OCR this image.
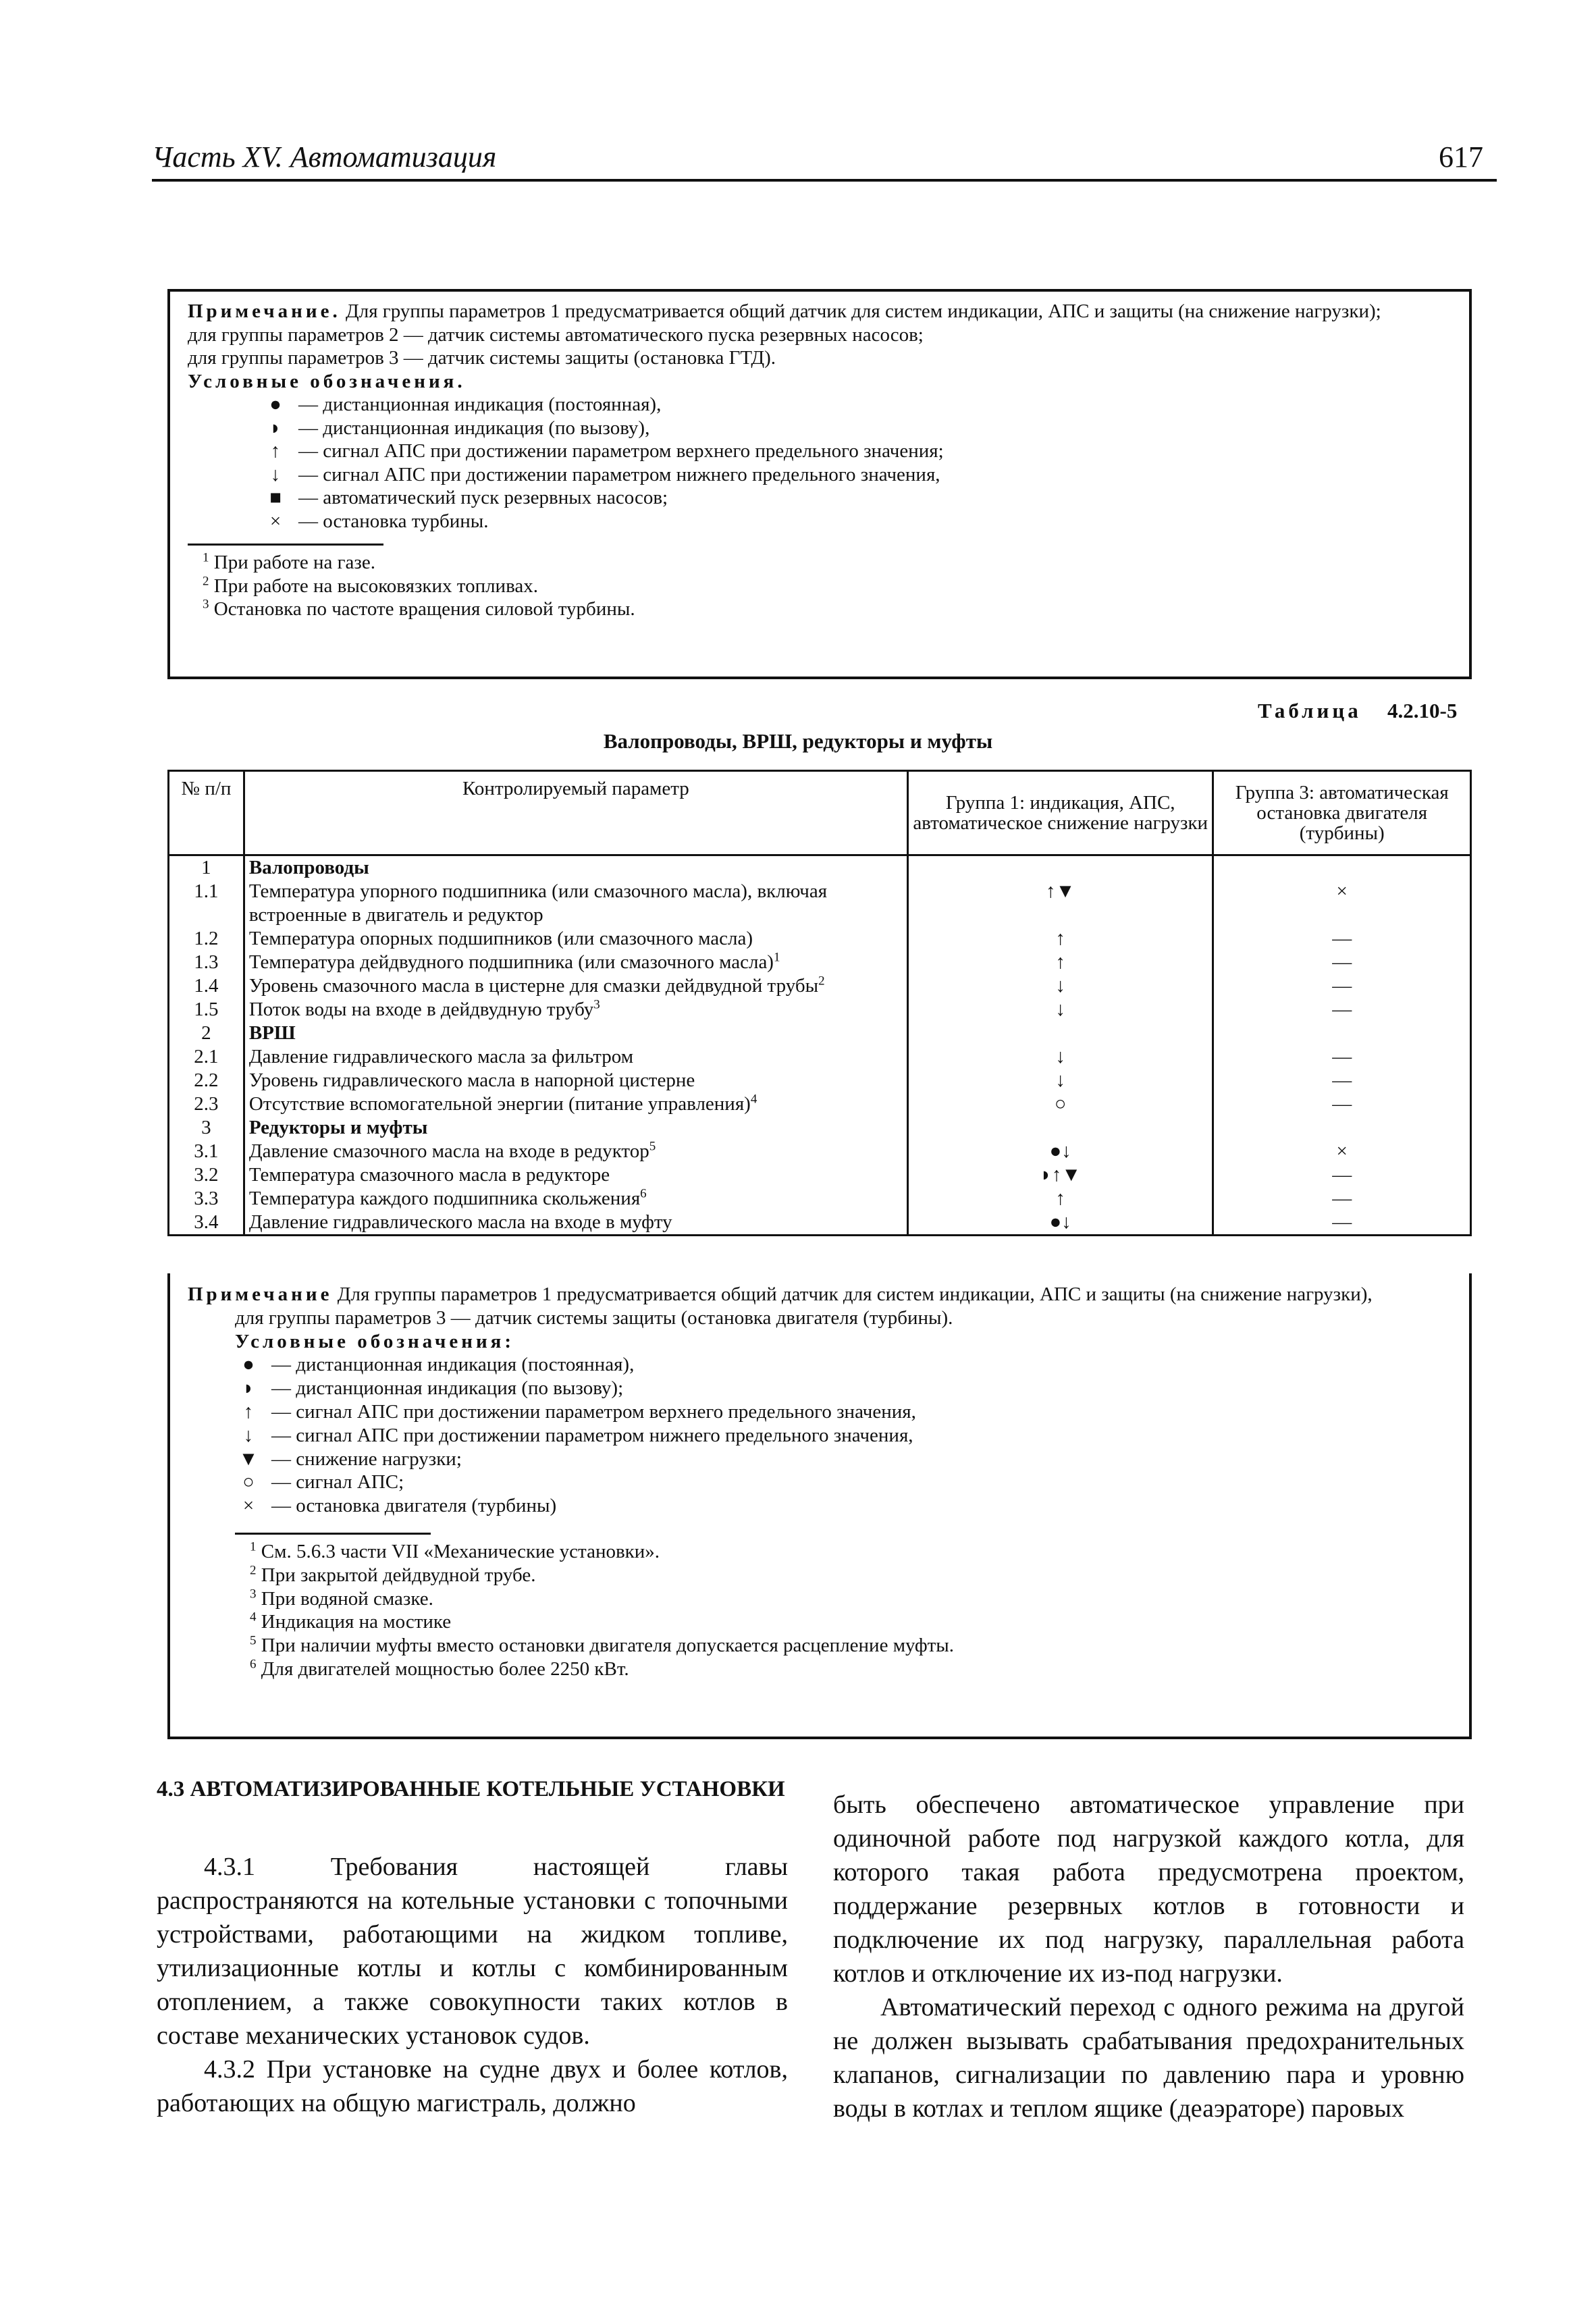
Часть XV. Автоматизация	617

Примечание. Для группы параметров 1 предусматривается общий датчик для систем индикации, АПС и защиты (на снижение нагрузки);

для группы параметров 2 — датчик системы автоматического пуска резервных насосов;

для группы параметров 3 — датчик системы защиты (остановка ГТД).

Условные обозначения.

● — дистанционная индикация (постоянная),
◗ — дистанционная индикация (по вызову),
↑ — сигнал АПС при достижении параметром верхнего предельного значения;
↓ — сигнал АПС при достижении параметром нижнего предельного значения,
■ — автоматический пуск резервных насосов;
× — остановка турбины.
$^1$ При работе на газе.
$^2$ При работе на высоковязких топливах.
$^3$ Остановка по частоте вращения силовой турбины.
Таблица 4.2.10-5
Валопроводы, ВРШ, редукторы и муфты
№ п/п	Контролируемый параметр	Группа 1: индикация, АПС, автоматическое снижение нагрузки	Группа 3: автоматическая остановка двигателя (турбины)
1	Валопроводы		
1.1	Температура упорного подшипника (или смазочного масла), включая встроенные в двигатель и редуктор	↑▼	×
1.2	Температура опорных подшипников (или смазочного масла)	↑	—
1.3	Температура дейдвудного подшипника (или смазочного масла)$^1$	↑	—
1.4	Уровень смазочного масла в цистерне для смазки дейдвудной трубы$^2$	↓	—
1.5	Поток воды на входе в дейдвудную трубу$^3$	↓	—
2	ВРШ		
2.1	Давление гидравлического масла за фильтром	↓	—
2.2	Уровень гидравлического масла в напорной цистерне	↓	—
2.3	Отсутствие вспомогательной энергии (питание управления)$^4$	○	—
3	Редукторы и муфты		
3.1	Давление смазочного масла на входе в редуктор$^5$	●↓	×
3.2	Температура смазочного масла в редукторе	◗↑▼	—
3.3	Температура каждого подшипника скольжения$^6$	↑	—
3.4	Давление гидравлического масла на входе в муфту	●↓	—

Примечание Для группы параметров 1 предусматривается общий датчик для систем индикации, АПС и защиты (на снижение нагрузки),

для группы параметров 3 — датчик системы защиты (остановка двигателя (турбины).

Условные обозначения:

● — дистанционная индикация (постоянная),
◗ — дистанционная индикация (по вызову);
↑ — сигнал АПС при достижении параметром верхнего предельного значения,
↓ — сигнал АПС при достижении параметром нижнего предельного значения,
▼ — снижение нагрузки;
○ — сигнал АПС;
× — остановка двигателя (турбины)
$^1$ См. 5.6.3 части VII «Механические установки».
$^2$ При закрытой дейдвудной трубе.
$^3$ При водяной смазке.
$^4$ Индикация на мостике
$^5$ При наличии муфты вместо остановки двигателя допускается расцепление муфты.
$^6$ Для двигателей мощностью более 2250 кВт.

4.3 АВТОМАТИЗИРОВАННЫЕ КОТЕЛЬНЫЕ УСТАНОВКИ

4.3.1 Требования настоящей главы распространяются на котельные установки с топочными устройствами, работающими на жидком топливе, утилизационные котлы и котлы с комбинированным отоплением, а также совокупности таких котлов в составе механических установок судов.

4.3.2 При установке на судне двух и более котлов, работающих на общую магистраль, должно

быть обеспечено автоматическое управление при одиночной работе под нагрузкой каждого котла, для которого такая работа предусмотрена проектом, поддержание резервных котлов в готовности и подключение их под нагрузку, параллельная работа котлов и отключение их из-под нагрузки.

Автоматический переход с одного режима на другой не должен вызывать срабатывания предохранительных клапанов, сигнализации по давлению пара и уровню воды в котлах и теплом ящике (деаэраторе) паровых
